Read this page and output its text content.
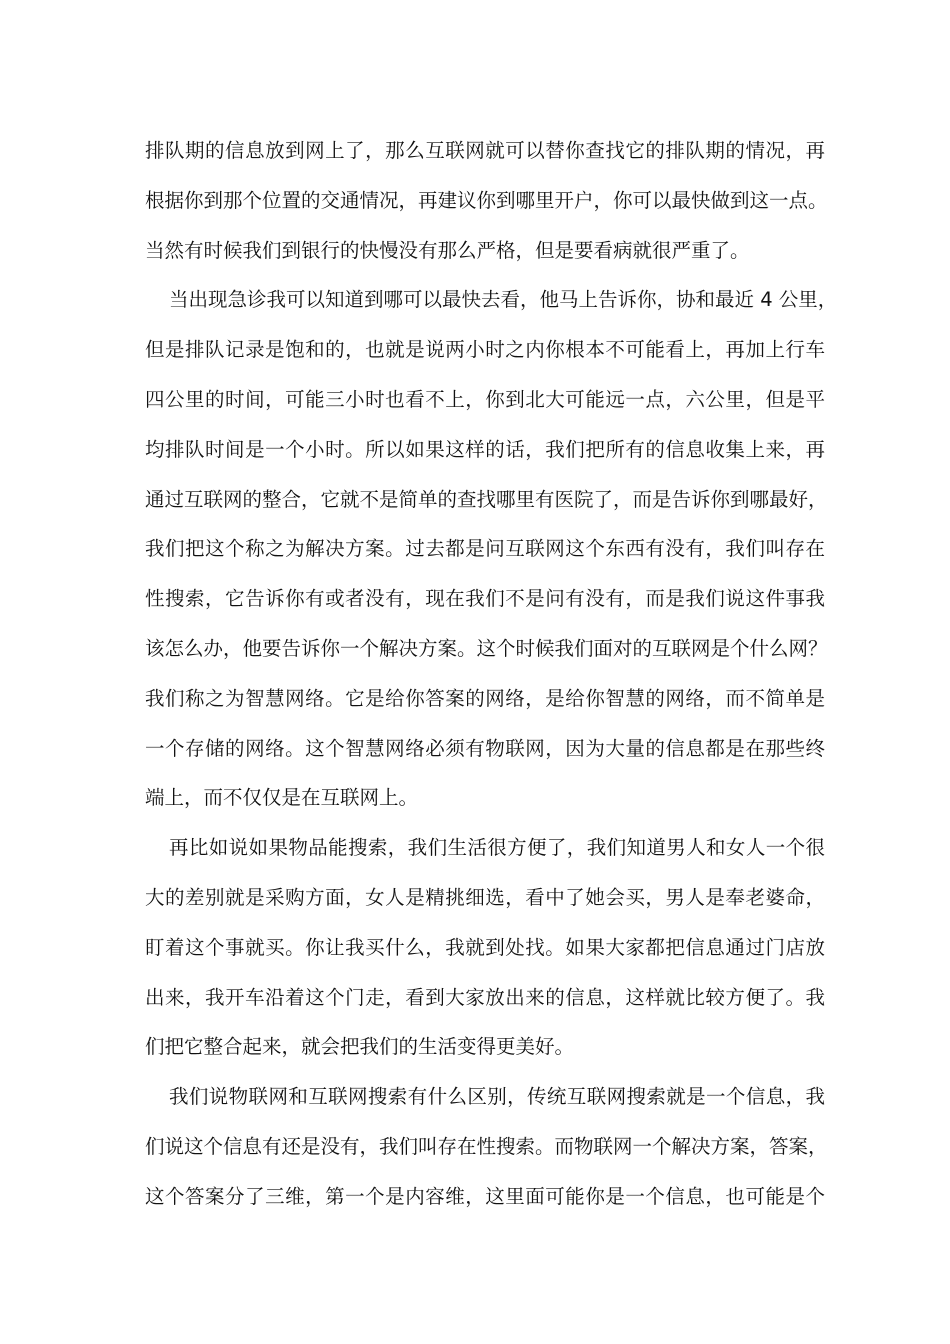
排队期的信息放到网上了，那么互联网就可以替你查找它的排队期的情况，再
根据你到那个位置的交通情况，再建议你到哪里开户，你可以最快做到这一点。
当然有时候我们到银行的快慢没有那么严格，但是要看病就很严重了。
当出现急诊我可以知道到哪可以最快去看，他马上告诉你，协和最近 4 公里，
但是排队记录是饱和的，也就是说两小时之内你根本不可能看上，再加上行车
四公里的时间，可能三小时也看不上，你到北大可能远一点，六公里，但是平
均排队时间是一个小时。所以如果这样的话，我们把所有的信息收集上来，再
通过互联网的整合，它就不是简单的查找哪里有医院了，而是告诉你到哪最好，
我们把这个称之为解决方案。过去都是问互联网这个东西有没有，我们叫存在
性搜索，它告诉你有或者没有，现在我们不是问有没有，而是我们说这件事我
该怎么办，他要告诉你一个解决方案。这个时候我们面对的互联网是个什么网？
我们称之为智慧网络。它是给你答案的网络，是给你智慧的网络，而不简单是
一个存储的网络。这个智慧网络必须有物联网，因为大量的信息都是在那些终
端上，而不仅仅是在互联网上。
再比如说如果物品能搜索，我们生活很方便了，我们知道男人和女人一个很
大的差别就是采购方面，女人是精挑细选，看中了她会买，男人是奉老婆命，
盯着这个事就买。你让我买什么，我就到处找。如果大家都把信息通过门店放
出来，我开车沿着这个门走，看到大家放出来的信息，这样就比较方便了。我
们把它整合起来，就会把我们的生活变得更美好。
我们说物联网和互联网搜索有什么区别，传统互联网搜索就是一个信息，我
们说这个信息有还是没有，我们叫存在性搜索。而物联网一个解决方案，答案，
这个答案分了三维，第一个是内容维，这里面可能你是一个信息，也可能是个
